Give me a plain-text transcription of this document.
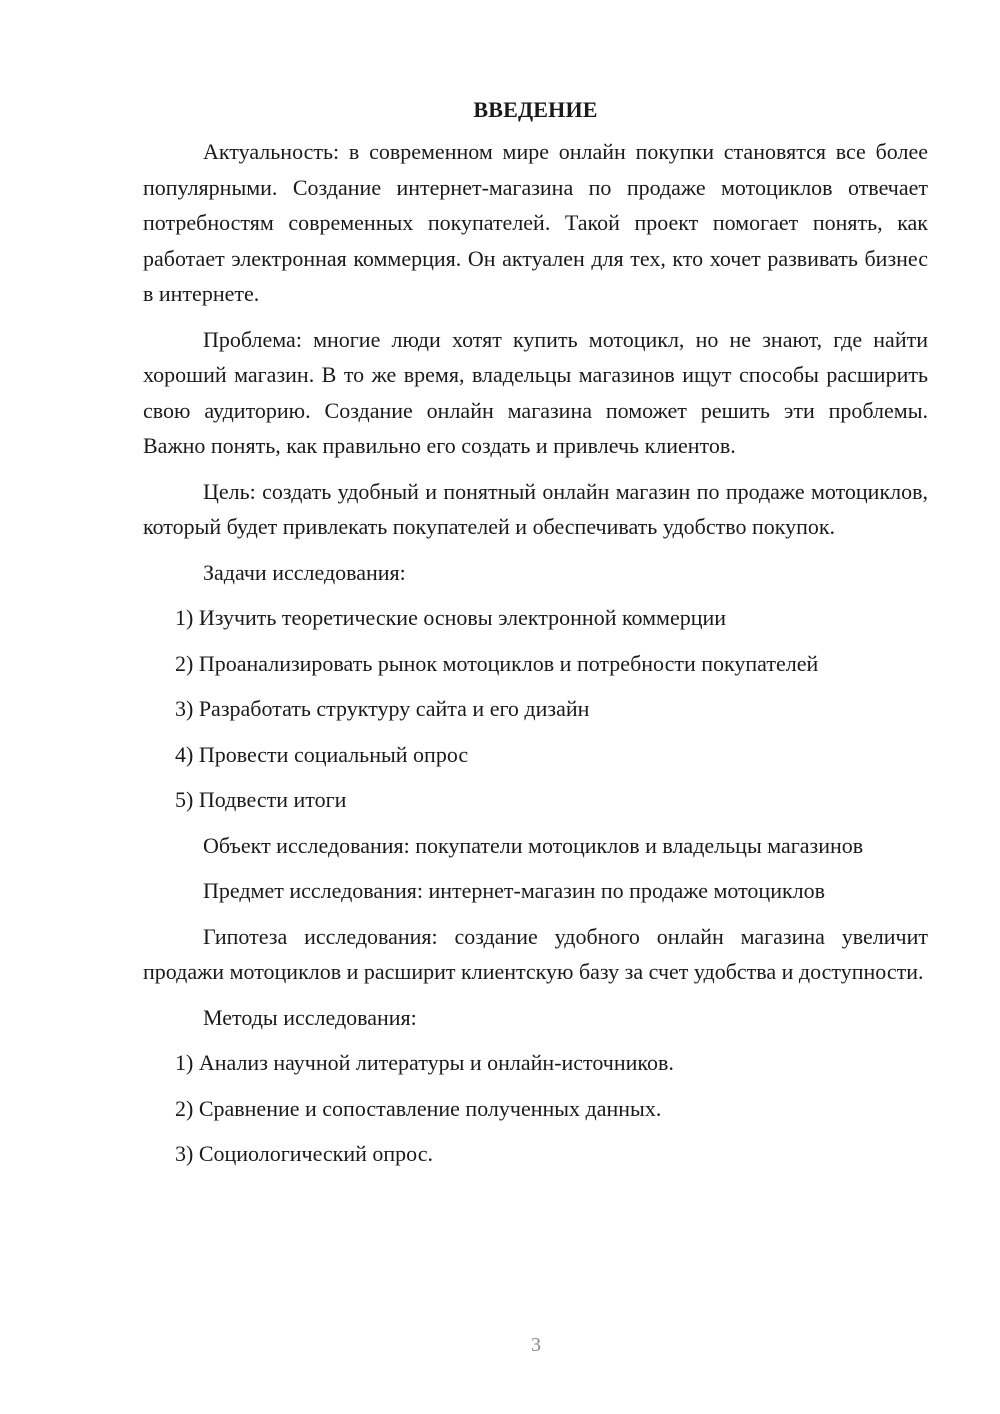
ВВЕДЕНИЕ

Актуальность: в современном мире онлайн покупки становятся все более популярными. Создание интернет-магазина по продаже мотоциклов отвечает потребностям современных покупателей. Такой проект помогает понять, как работает электронная коммерция. Он актуален для тех, кто хочет развивать бизнес в интернете.

Проблема: многие люди хотят купить мотоцикл, но не знают, где найти хороший магазин. В то же время, владельцы магазинов ищут способы расширить свою аудиторию. Создание онлайн магазина поможет решить эти проблемы. Важно понять, как правильно его создать и привлечь клиентов.

Цель: создать удобный и понятный онлайн магазин по продаже мотоциклов, который будет привлекать покупателей и обеспечивать удобство покупок.

Задачи исследования:

1) Изучить теоретические основы электронной коммерции

2) Проанализировать рынок мотоциклов и потребности покупателей

3) Разработать структуру сайта и его дизайн

4) Провести социальный опрос

5) Подвести итоги

Объект исследования: покупатели мотоциклов и владельцы магазинов

Предмет исследования: интернет-магазин по продаже мотоциклов

Гипотеза исследования: создание удобного онлайн магазина увеличит продажи мотоциклов и расширит клиентскую базу за счет удобства и доступности.

Методы исследования:

1) Анализ научной литературы и онлайн-источников.

2) Сравнение и сопоставление полученных данных.

3) Социологический опрос.

3
